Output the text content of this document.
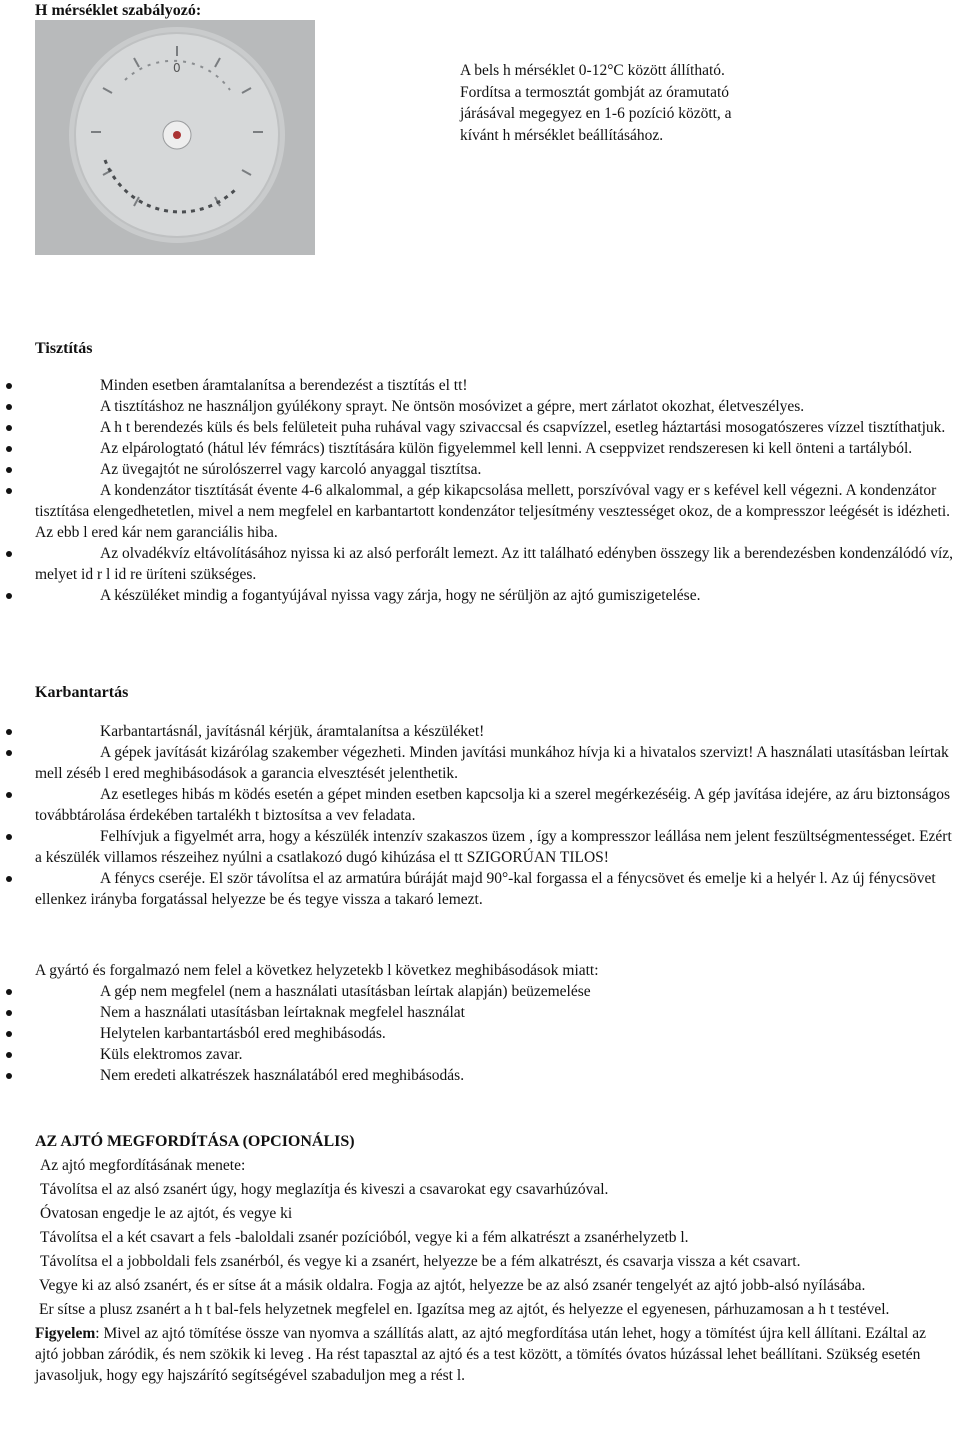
H mérséklet szabályozó:
0	A bels h mérséklet 0-12°C között állítható.
Fordítsa a termosztát gombját az óramutató
járásával megegyez en 1-6 pozíció között, a
kívánt h mérséklet beállításához.
Tisztítás
Minden esetben áramtalanítsa a berendezést a tisztítás el tt!
A tisztításhoz ne használjon gyúlékony sprayt. Ne öntsön mosóvizet a gépre, mert zárlatot okozhat, életveszélyes.
A h t berendezés küls és bels felületeit puha ruhával vagy szivaccsal és csapvízzel, esetleg háztartási mosogatószeres vízzel tisztíthatjuk.
Az elpárologtató (hátul lév fémrács) tisztítására külön figyelemmel kell lenni. A cseppvizet rendszeresen ki kell önteni a tartályból.
Az üvegajtót ne súrolószerrel vagy karcoló anyaggal tisztítsa.
A kondenzátor tisztítását évente 4-6 alkalommal, a gép kikapcsolása mellett, porszívóval vagy er s kefével kell végezni. A kondenzátor tisztítása elengedhetetlen, mivel a nem megfelel en karbantartott kondenzátor teljesítmény vesztességet okoz, de a kompresszor leégését is idézheti. Az ebb l ered kár nem garanciális hiba.
Az olvadékvíz eltávolításához nyissa ki az alsó perforált lemezt. Az itt található edényben összegy lik a berendezésben kondenzálódó víz, melyet id r l id re üríteni szükséges.
A készüléket mindig a fogantyújával nyissa vagy zárja, hogy ne sérüljön az ajtó gumiszigetelése.
Karbantartás
Karbantartásnál, javításnál kérjük, áramtalanítsa a készüléket!
A gépek javítását kizárólag szakember végezheti. Minden javítási munkához hívja ki a hivatalos szervizt! A használati utasításban leírtak mell zéséb l ered meghibásodások a garancia elvesztését jelenthetik.
Az esetleges hibás m ködés esetén a gépet minden esetben kapcsolja ki a szerel megérkezéséig. A gép javítása idejére, az áru biztonságos továbbtárolása érdekében tartalékh t biztosítsa a vev feladata.
Felhívjuk a figyelmét arra, hogy a készülék intenzív szakaszos üzem , így a kompresszor leállása nem jelent feszültségmentességet. Ezért a készülék villamos részeihez nyúlni a csatlakozó dugó kihúzása el tt SZIGORÚAN TILOS!
A fénycs cseréje. El ször távolítsa el az armatúra búráját majd 90°-kal forgassa el a fénycsövet és emelje ki a helyér l. Az új fénycsövet ellenkez irányba forgatással helyezze be és tegye vissza a takaró lemezt.
A gyártó és forgalmazó nem felel a következ helyzetekb l következ meghibásodások miatt:
A gép nem megfelel (nem a használati utasításban leírtak alapján) beüzemelése
Nem a használati utasításban leírtaknak megfelel használat
Helytelen karbantartásból ered meghibásodás.
Küls elektromos zavar.
Nem eredeti alkatrészek használatából ered meghibásodás.
AZ AJTÓ MEGFORDÍTÁSA (OPCIONÁLIS)

Az ajtó megfordításának menete:

Távolítsa el az alsó zsanért úgy, hogy meglazítja és kiveszi a csavarokat egy csavarhúzóval.

Óvatosan engedje le az ajtót, és vegye ki

Távolítsa el a két csavart a fels -baloldali zsanér pozícióból, vegye ki a fém alkatrészt a zsanérhelyzetb l.

Távolítsa el a jobboldali fels zsanérból, és vegye ki a zsanért, helyezze be a fém alkatrészt, és csavarja vissza a két csavart.

Vegye ki az alsó zsanért, és er sítse át a másik oldalra. Fogja az ajtót, helyezze be az alsó zsanér tengelyét az ajtó jobb-alsó nyílásába.

Er sítse a plusz zsanért a h t bal-fels helyzetnek megfelel en. Igazítsa meg az ajtót, és helyezze el egyenesen, párhuzamosan a h t testével.

Figyelem: Mivel az ajtó tömítése össze van nyomva a szállítás alatt, az ajtó megfordítása után lehet, hogy a tömítést újra kell állítani. Ezáltal az ajtó jobban záródik, és nem szökik ki leveg . Ha rést tapasztal az ajtó és a test között, a tömítés óvatos húzással lehet beállítani. Szükség esetén javasoljuk, hogy egy hajszárító segítségével szabaduljon meg a rést l.
